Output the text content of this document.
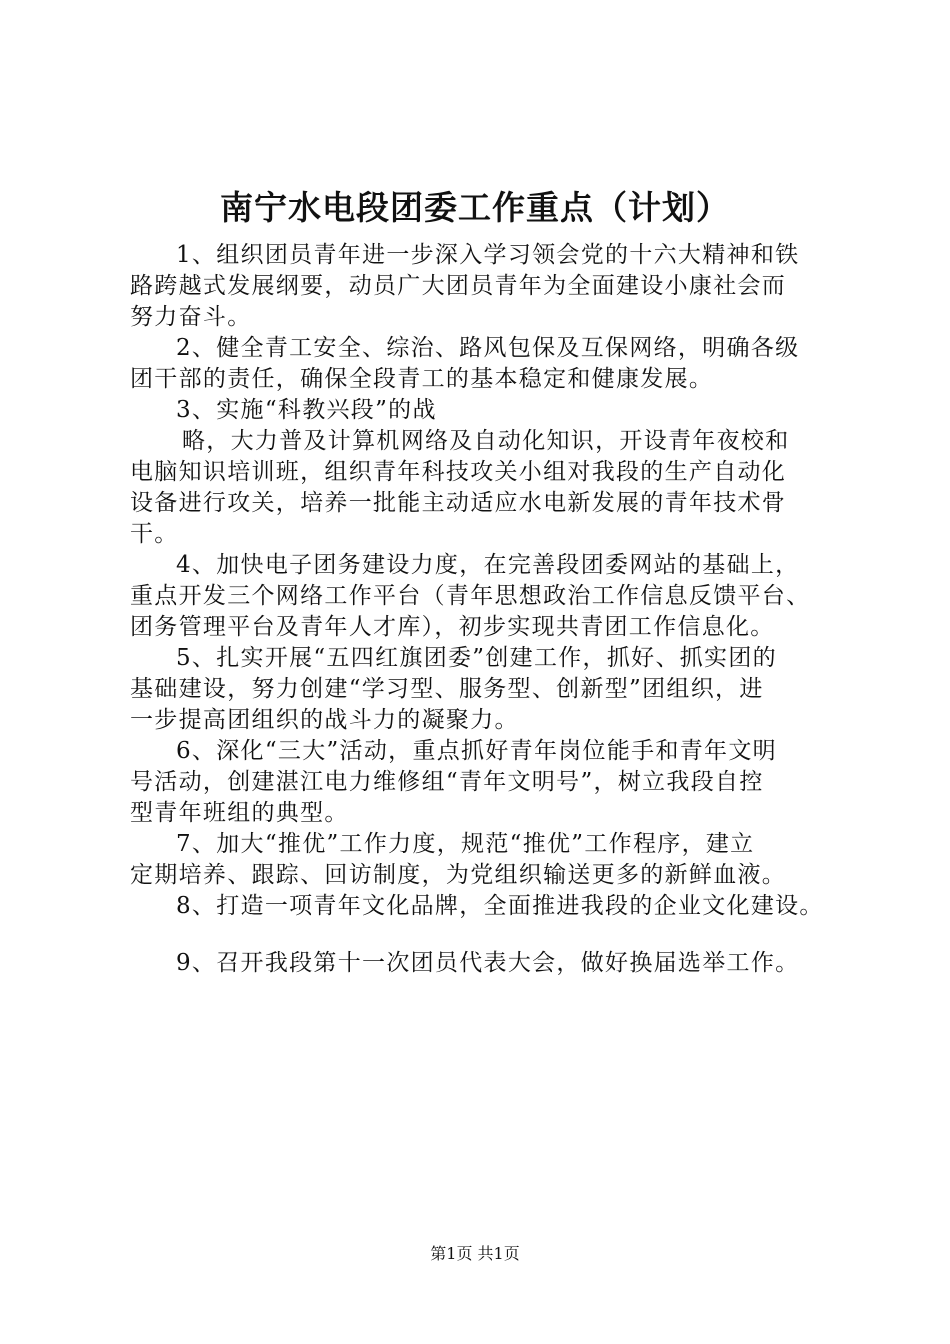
南宁水电段团委工作重点（计划）
1、组织团员青年进一步深入学习领会党的十六大精神和铁
路跨越式发展纲要，动员广大团员青年为全面建设小康社会而
努力奋斗。
2、健全青工安全、综治、路风包保及互保网络，明确各级
团干部的责任，确保全段青工的基本稳定和健康发展。
3、实施“科教兴段”的战
略，大力普及计算机网络及自动化知识，开设青年夜校和
电脑知识培训班，组织青年科技攻关小组对我段的生产自动化
设备进行攻关，培养一批能主动适应水电新发展的青年技术骨
干。
4、加快电子团务建设力度，在完善段团委网站的基础上，
重点开发三个网络工作平台（青年思想政治工作信息反馈平台、
团务管理平台及青年人才库），初步实现共青团工作信息化。
5、扎实开展“五四红旗团委”创建工作，抓好、抓实团的
基础建设，努力创建“学习型、服务型、创新型”团组织，进
一步提高团组织的战斗力的凝聚力。
6、深化“三大”活动，重点抓好青年岗位能手和青年文明
号活动，创建湛江电力维修组“青年文明号”，树立我段自控
型青年班组的典型。
7、加大“推优”工作力度，规范“推优”工作程序，建立
定期培养、跟踪、回访制度，为党组织输送更多的新鲜血液。
8、打造一项青年文化品牌，全面推进我段的企业文化建设。
9、召开我段第十一次团员代表大会，做好换届选举工作。
第1页 共1页
